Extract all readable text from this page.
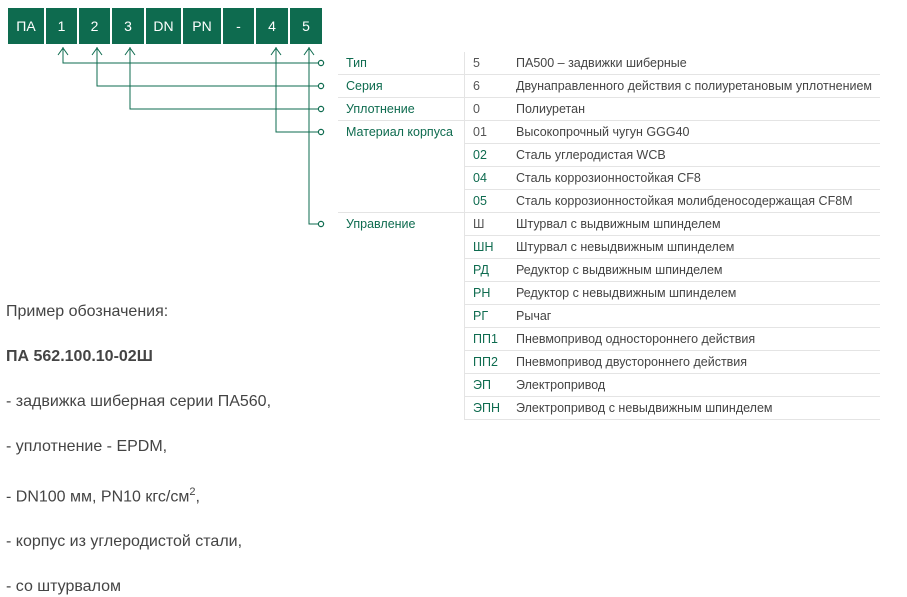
ПА	1	2	3	DN	PN	-	4	5
Тип	5	ПА500 – задвижки шиберные
Серия	6	Двунаправленного действия с полиуретановым уплотнением
Уплотнение	0	Полиуретан
Материал корпуса	01	Высокопрочный чугун GGG40
	02	Сталь углеродистая WCB
	04	Сталь коррозионностойкая CF8
	05	Сталь коррозионностойкая молибденосодержащая CF8M
Управление	Ш	Штурвал с выдвижным шпинделем
	ШН	Штурвал с невыдвижным шпинделем
	РД	Редуктор с выдвижным шпинделем
	РН	Редуктор с невыдвижным шпинделем
	РГ	Рычаг
	ПП1	Пневмопривод одностороннего действия
	ПП2	Пневмопривод двустороннего действия
	ЭП	Электропривод
	ЭПН	Электропривод с невыдвижным шпинделем

Пример обозначения:

ПА 562.100.10-02Ш

- задвижка шиберная серии ПА560,

- уплотнение - EPDM,

- DN100 мм, PN10 кгс/$см^2$,

- корпус из углеродистой стали,

- со штурвалом
